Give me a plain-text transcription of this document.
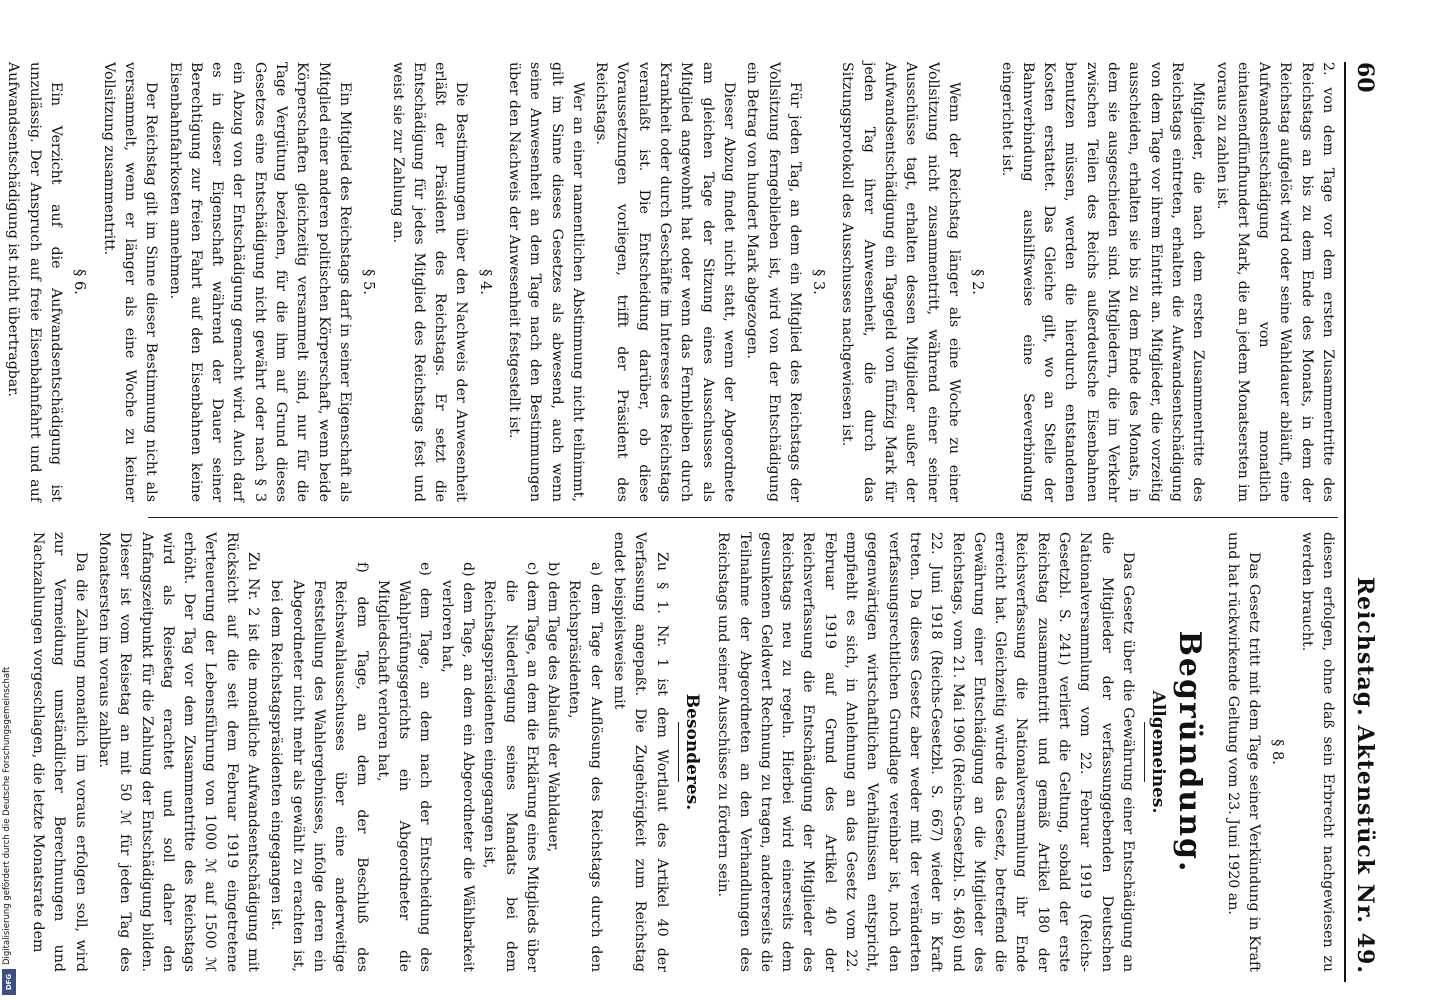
60
Reichstag. Aktenstück Nr. 49.

2. von dem Tage vor dem ersten Zusammentritte des Reichstags an bis zu dem Ende des Monats, in dem der Reichstag aufgelöst wird oder seine Wahldauer abläuft, eine Aufwandsentschädigung von monatlich eintausendfünfhundert Mark, die an jedem Monatsersten im voraus zu zahlen ist.

Mitglieder, die nach dem ersten Zusammentritte des Reichstags eintreten, erhalten die Aufwandsentschädigung von dem Tage vor ihrem Eintritt an. Mitglieder, die vorzeitig ausscheiden, erhalten sie bis zu dem Ende des Monats, in dem sie ausgeschieden sind. Mitgliedern, die im Verkehr zwischen Teilen des Reichs außerdeutsche Eisenbahnen benutzen müssen, werden die hierdurch entstandenen Kosten erstattet. Das Gleiche gilt, wo an Stelle der Bahnverbindung aushilfsweise eine Seeverbindung eingerichtet ist.

§ 2.

Wenn der Reichstag länger als eine Woche zu einer Vollsitzung nicht zusammentritt, während einer seiner Ausschüsse tagt, erhalten dessen Mitglieder außer der Aufwandsentschädigung ein Tagegeld von fünfzig Mark für jeden Tag ihrer Anwesenheit, die durch das Sitzungsprotokoll des Ausschusses nachgewiesen ist.

§ 3.

Für jeden Tag, an dem ein Mitglied des Reichstags der Vollsitzung ferngeblieben ist, wird von der Entschädigung ein Betrag von hundert Mark abgezogen.

Dieser Abzug findet nicht statt, wenn der Abgeordnete am gleichen Tage der Sitzung eines Ausschusses als Mitglied angewohnt hat oder wenn das Fernbleiben durch Krankheit oder durch Geschäfte im Interesse des Reichstags veranlaßt ist. Die Entscheidung darüber, ob diese Voraussetzungen vorliegen, trifft der Präsident des Reichstags.

Wer an einer namentlichen Abstimmung nicht teilnimmt, gilt im Sinne dieses Gesetzes als abwesend, auch wenn seine Anwesenheit an dem Tage nach den Bestimmungen über den Nachweis der Anwesenheit festgestellt ist.

§ 4.

Die Bestimmungen über den Nachweis der Anwesenheit erläßt der Präsident des Reichstags. Er setzt die Entschädigung für jedes Mitglied des Reichstags fest und weist sie zur Zahlung an.

§ 5.

Ein Mitglied des Reichstags darf in seiner Eigenschaft als Mitglied einer anderen politischen Körperschaft, wenn beide Körperschaften gleichzeitig versammelt sind, nur für die Tage Vergütung beziehen, für die ihm auf Grund dieses Gesetzes eine Entschädigung nicht gewährt oder nach § 3 ein Abzug von der Entschädigung gemacht wird. Auch darf es in dieser Eigenschaft während der Dauer seiner Berechtigung zur freien Fahrt auf den Eisenbahnen keine Eisenbahnfahrkosten annehmen.

Der Reichstag gilt im Sinne dieser Bestimmung nicht als versammelt, wenn er länger als eine Woche zu keiner Vollsitzung zusammentritt.

§ 6.

Ein Verzicht auf die Aufwandsentschädigung ist unzulässig. Der Anspruch auf freie Eisenbahnfahrt und auf Aufwandsentschädigung ist nicht übertragbar.

diesen erfolgen, ohne daß sein Erbrecht nachgewiesen zu werden braucht.

§ 8.

Das Gesetz tritt mit dem Tage seiner Verkündung in Kraft und hat rückwirkende Geltung vom 23. Juni 1920 an.

Begründung.
Allgemeines.

Das Gesetz über die Gewährung einer Entschädigung an die Mitglieder der verfassunggebenden Deutschen Nationalversammlung vom 22. Februar 1919 (Reichs-Gesetzbl. S. 241) verliert die Geltung, sobald der erste Reichstag zusammentritt und gemäß Artikel 180 der Reichsverfassung die Nationalversammlung ihr Ende erreicht hat. Gleichzeitig würde das Gesetz, betreffend die Gewährung einer Entschädigung an die Mitglieder des Reichstags, vom 21. Mai 1906 (Reichs-Gesetzbl. S. 468) und 22. Juni 1918 (Reichs-Gesetzbl. S. 667) wieder in Kraft treten. Da dieses Gesetz aber weder mit der veränderten verfassungsrechtlichen Grundlage vereinbar ist, noch den gegenwärtigen wirtschaftlichen Verhältnissen entspricht, empfiehlt es sich, in Anlehnung an das Gesetz vom 22. Februar 1919 auf Grund des Artikel 40 der Reichsverfassung die Entschädigung der Mitglieder des Reichstags neu zu regeln. Hierbei wird einerseits dem gesunkenen Geldwert Rechnung zu tragen, andererseits die Teilnahme der Abgeordneten an den Verhandlungen des Reichstags und seiner Ausschüsse zu fördern sein.

Besonderes.

Zu § 1. Nr. 1 ist dem Wortlaut des Artikel 40 der Verfassung angepaßt. Die Zugehörigkeit zum Reichstag endet beispielsweise mit

a) dem Tage der Auflösung des Reichstags durch den Reichspräsidenten,
b) dem Tage des Ablaufs der Wahldauer,
c) dem Tage, an dem die Erklärung eines Mitglieds über die Niederlegung seines Mandats bei dem Reichstagspräsidenten eingegangen ist,
d) dem Tage, an dem ein Abgeordneter die Wählbarkeit verloren hat,
e) dem Tage, an dem nach der Entscheidung des Wahlprüfungsgerichts ein Abgeordneter die Mitgliedschaft verloren hat,
f) dem Tage, an dem der Beschluß des Reichswahlausschusses über eine anderweitige Feststellung des Wahlergebnisses, infolge deren ein Abgeordneter nicht mehr als gewählt zu erachten ist, bei dem Reichstagspräsidenten eingegangen ist.

Zu Nr. 2 ist die monatliche Aufwandsentschädigung mit Rücksicht auf die seit dem Februar 1919 eingetretene Verteuerung der Lebensführung von 1000 ℳ auf 1500 ℳ erhöht. Der Tag vor dem Zusammentritte des Reichstags wird als Reisetag erachtet und soll daher den Anfangszeitpunkt für die Zahlung der Entschädigung bilden. Dieser ist vom Reisetag an mit 50 ℳ für jeden Tag des Monatsersten im voraus zahlbar.

Da die Zahlung monatlich im voraus erfolgen soll, wird zur Vermeidung umständlicher Berechnungen und Nachzahlungen vorgeschlagen, die letzte Monatsrate dem

Digitalisierung gefördert durch die Deutsche Forschungsgemeinschaft
DFG
